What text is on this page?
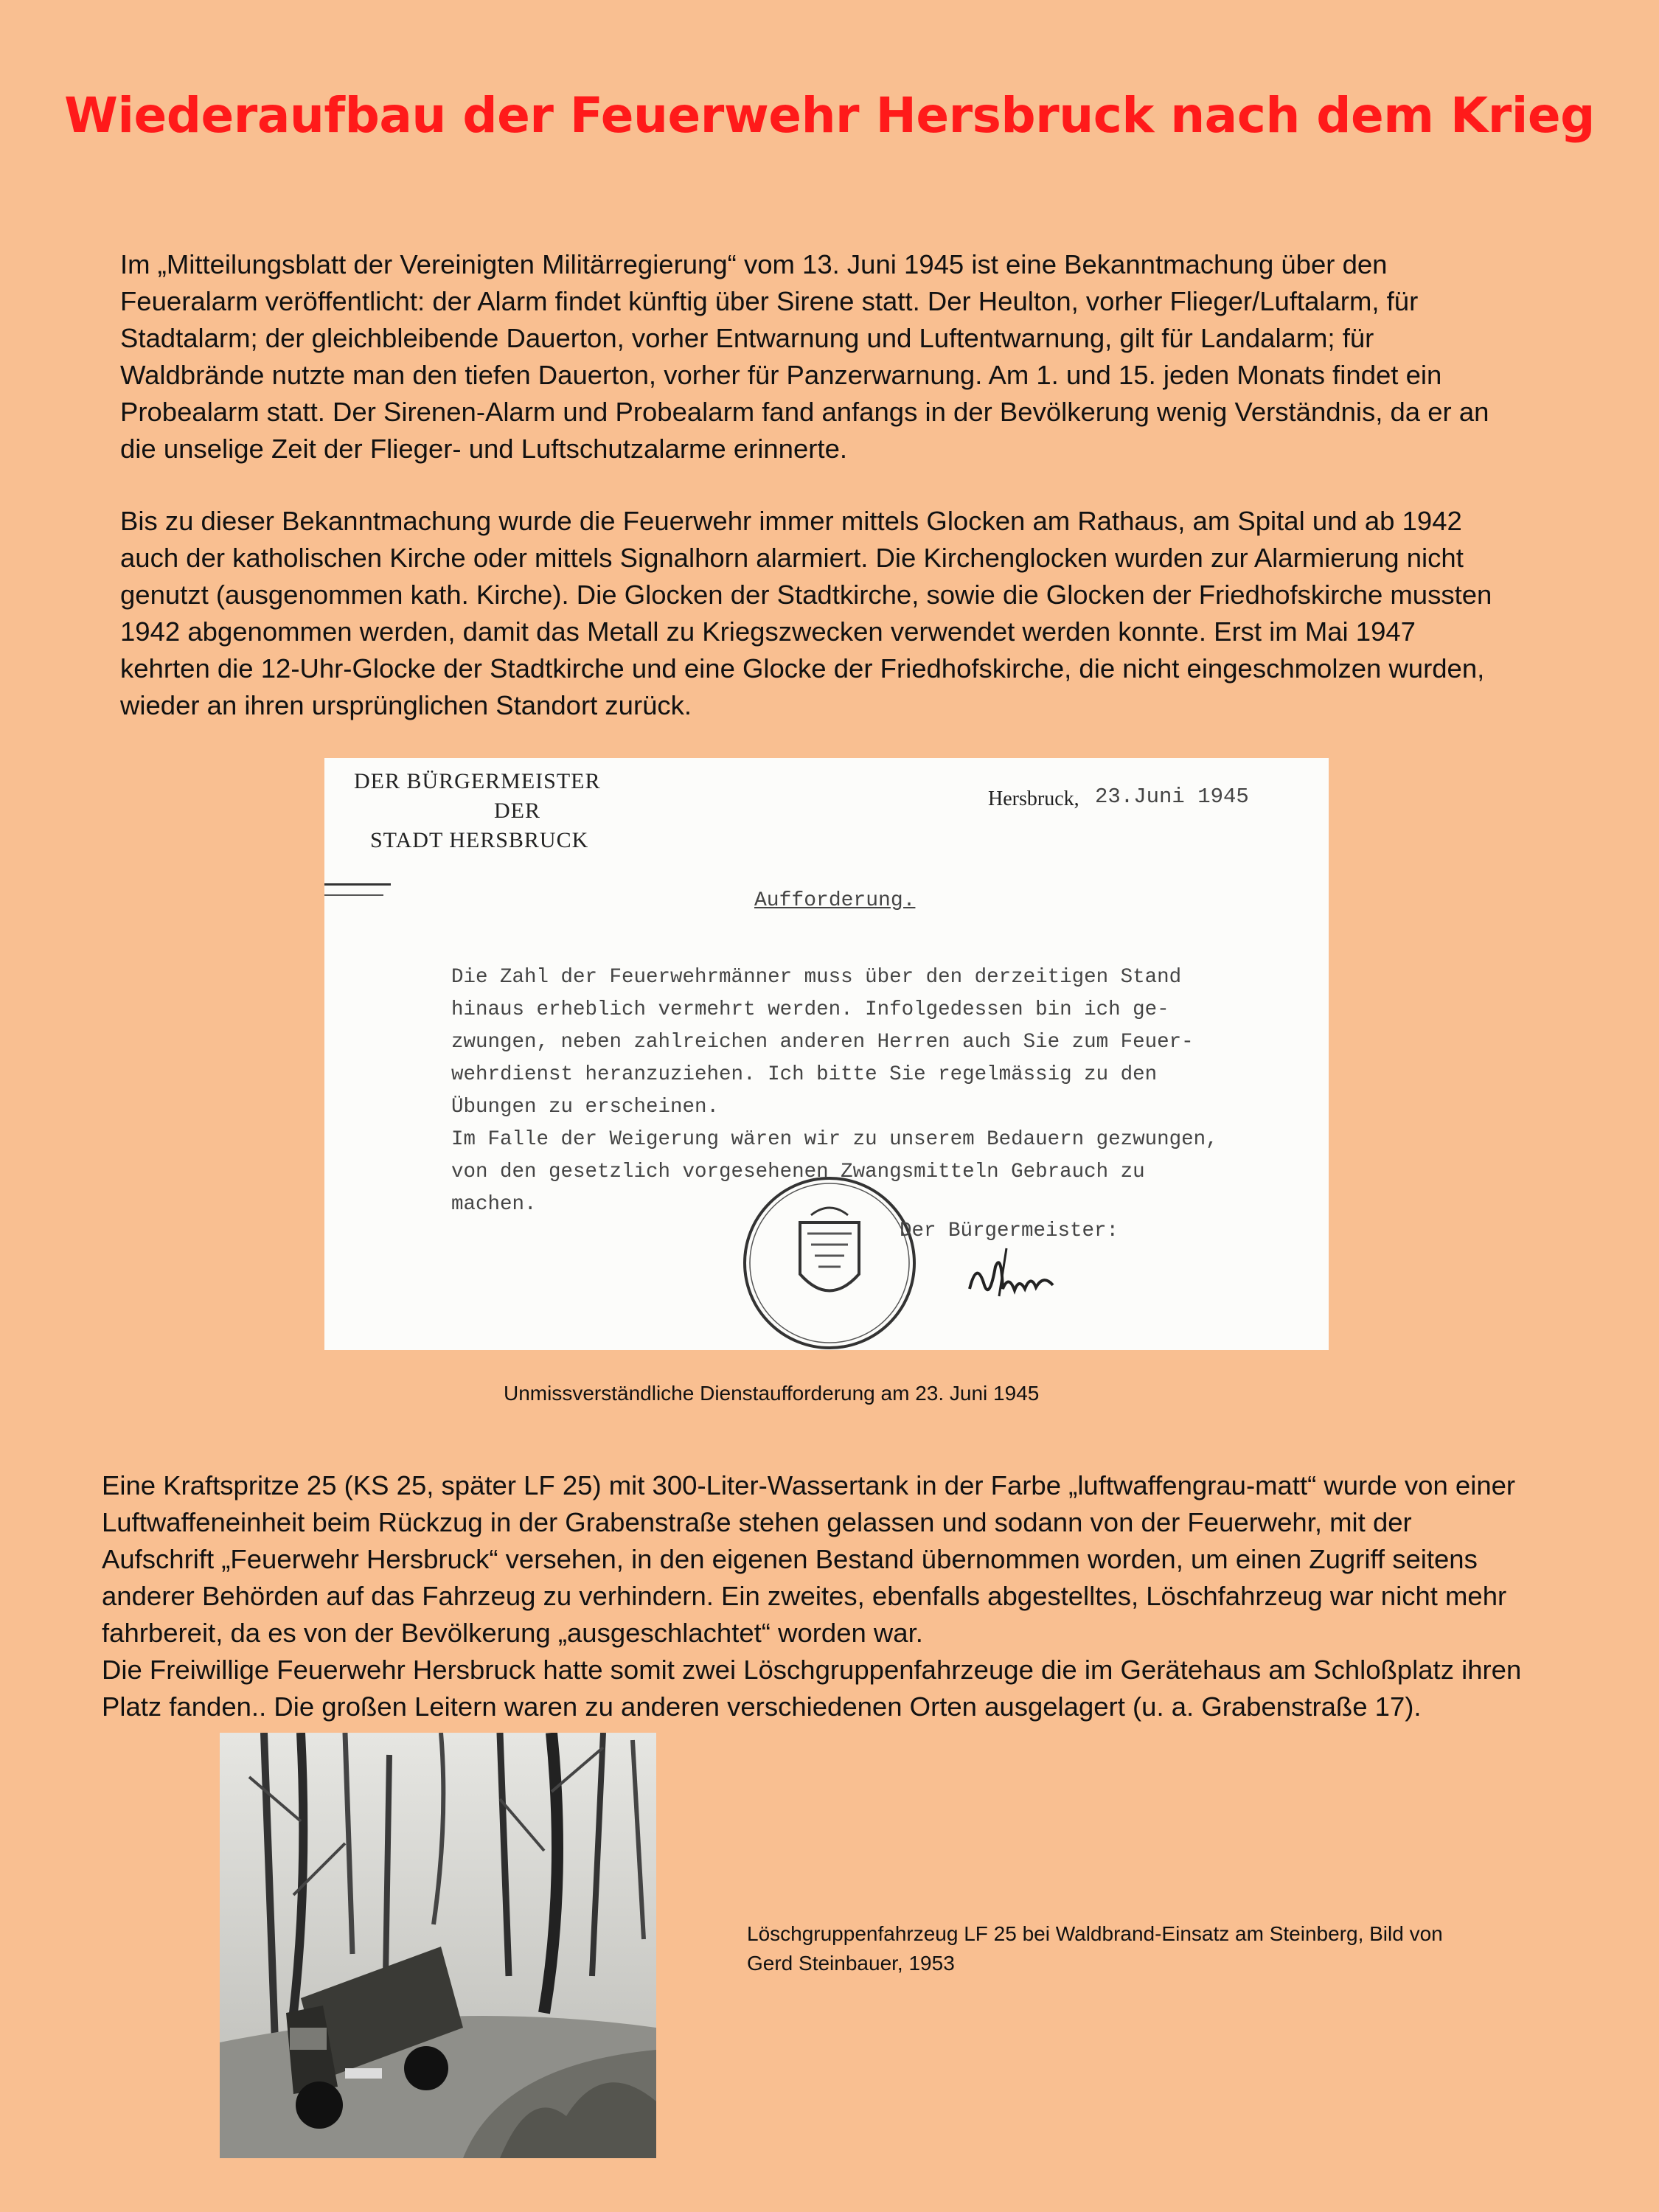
Wiederaufbau der Feuerwehr Hersbruck nach dem Krieg
Im „Mitteilungsblatt der Vereinigten Militärregierung“ vom 13. Juni 1945 ist eine Bekanntmachung über den
Feueralarm veröffentlicht: der Alarm findet künftig über Sirene statt. Der Heulton, vorher Flieger/Luftalarm, für
Stadtalarm; der gleichbleibende Dauerton, vorher Entwarnung und Luftentwarnung, gilt für Landalarm; für
Waldbrände nutzte man den tiefen Dauerton, vorher für Panzerwarnung. Am 1. und 15. jeden Monats findet ein
Probealarm statt. Der Sirenen-Alarm und Probealarm fand anfangs in der Bevölkerung wenig Verständnis, da er an
die unselige Zeit der Flieger- und Luftschutzalarme erinnerte.
Bis zu dieser Bekanntmachung wurde die Feuerwehr immer mittels Glocken am Rathaus, am Spital und ab 1942
auch der katholischen Kirche oder mittels Signalhorn alarmiert. Die Kirchenglocken wurden zur Alarmierung nicht
genutzt (ausgenommen kath. Kirche). Die Glocken der Stadtkirche, sowie die Glocken der Friedhofskirche mussten
1942 abgenommen werden, damit das Metall zu Kriegszwecken verwendet werden konnte. Erst im Mai 1947
kehrten die 12-Uhr-Glocke der Stadtkirche und eine Glocke der Friedhofskirche, die nicht eingeschmolzen wurden,
wieder an ihren ursprünglichen Standort zurück.
DER BÜRGERMEISTER
DER
STADT HERSBRUCK
Hersbruck, 23.Juni 1945
Aufforderung.
Die Zahl der Feuerwehrmänner muss über den derzeitigen Stand
hinaus erheblich vermehrt werden. Infolgedessen bin ich ge-
zwungen, neben zahlreichen anderen Herren auch Sie zum Feuer-
wehrdienst heranzuziehen. Ich bitte Sie regelmässig zu den
Übungen zu erscheinen.
Im Falle der Weigerung wären wir zu unserem Bedauern gezwungen,
von den gesetzlich vorgesehenen Zwangsmitteln Gebrauch zu
machen.
Der Bürgermeister:
Unmissverständliche Dienstaufforderung am 23. Juni 1945
Eine Kraftspritze 25 (KS 25, später LF 25) mit 300-Liter-Wassertank in der Farbe „luftwaffengrau-matt“ wurde von einer
Luftwaffeneinheit beim Rückzug in der Grabenstraße stehen gelassen und sodann von der Feuerwehr, mit der
Aufschrift „Feuerwehr Hersbruck“ versehen, in den eigenen Bestand übernommen worden, um einen Zugriff seitens
anderer Behörden auf das Fahrzeug zu verhindern. Ein zweites, ebenfalls abgestelltes, Löschfahrzeug war nicht mehr
fahrbereit, da es von der Bevölkerung „ausgeschlachtet“ worden war.
Die Freiwillige Feuerwehr Hersbruck hatte somit zwei Löschgruppenfahrzeuge die im Gerätehaus am Schloßplatz ihren
Platz fanden.. Die großen Leitern waren zu anderen verschiedenen Orten ausgelagert (u. a. Grabenstraße 17).
Löschgruppenfahrzeug LF 25 bei Waldbrand-Einsatz am Steinberg, Bild von
Gerd Steinbauer, 1953
